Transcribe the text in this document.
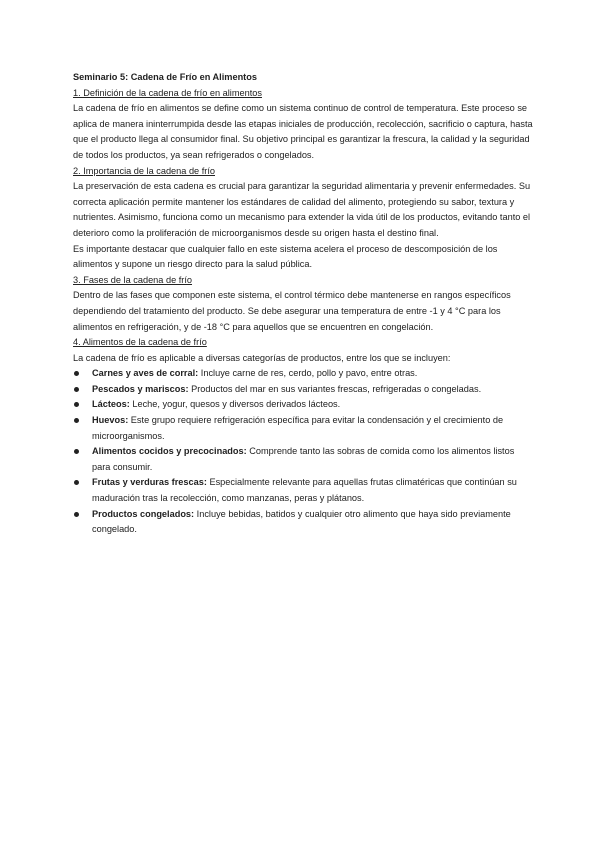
Seminario 5: Cadena de Frío en Alimentos

1. Definición de la cadena de frío en alimentos

La cadena de frío en alimentos se define como un sistema continuo de control de temperatura. Este proceso se aplica de manera ininterrumpida desde las etapas iniciales de producción, recolección, sacrificio o captura, hasta que el producto llega al consumidor final. Su objetivo principal es garantizar la frescura, la calidad y la seguridad de todos los productos, ya sean refrigerados o congelados.

2. Importancia de la cadena de frío

La preservación de esta cadena es crucial para garantizar la seguridad alimentaria y prevenir enfermedades. Su correcta aplicación permite mantener los estándares de calidad del alimento, protegiendo su sabor, textura y nutrientes. Asimismo, funciona como un mecanismo para extender la vida útil de los productos, evitando tanto el deterioro como la proliferación de microorganismos desde su origen hasta el destino final.

Es importante destacar que cualquier fallo en este sistema acelera el proceso de descomposición de los alimentos y supone un riesgo directo para la salud pública.

3. Fases de la cadena de frío

Dentro de las fases que componen este sistema, el control térmico debe mantenerse en rangos específicos dependiendo del tratamiento del producto. Se debe asegurar una temperatura de entre -1 y 4 °C para los alimentos en refrigeración, y de -18 °C para aquellos que se encuentren en congelación.

4. Alimentos de la cadena de frío

La cadena de frío es aplicable a diversas categorías de productos, entre los que se incluyen:

Carnes y aves de corral: Incluye carne de res, cerdo, pollo y pavo, entre otras.
Pescados y mariscos: Productos del mar en sus variantes frescas, refrigeradas o congeladas.
Lácteos: Leche, yogur, quesos y diversos derivados lácteos.
Huevos: Este grupo requiere refrigeración específica para evitar la condensación y el crecimiento de microorganismos.
Alimentos cocidos y precocinados: Comprende tanto las sobras de comida como los alimentos listos para consumir.
Frutas y verduras frescas: Especialmente relevante para aquellas frutas climatéricas que continúan su maduración tras la recolección, como manzanas, peras y plátanos.
Productos congelados: Incluye bebidas, batidos y cualquier otro alimento que haya sido previamente congelado.
